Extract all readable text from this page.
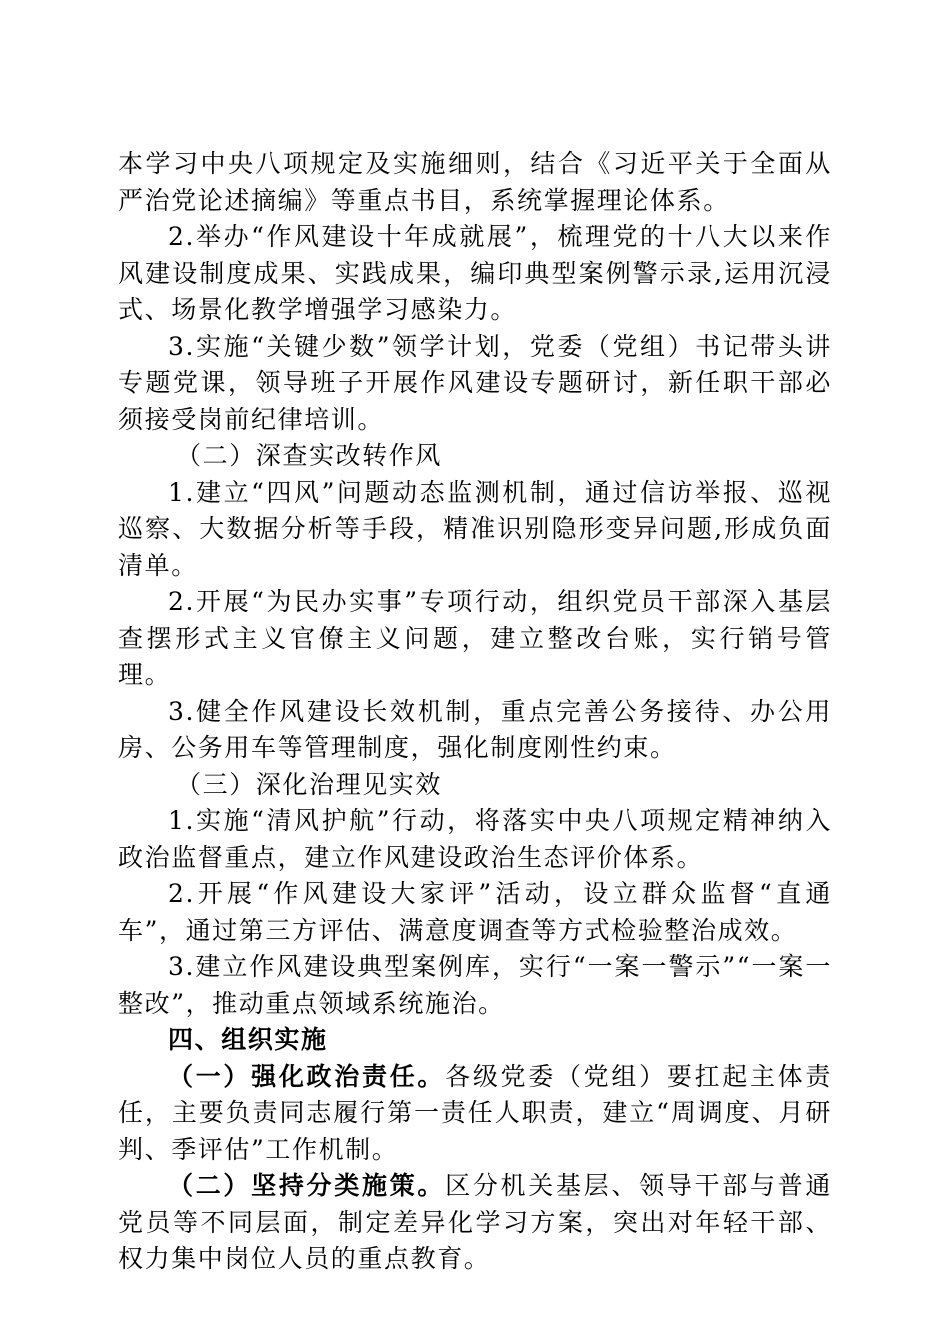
本学习中央八项规定及实施细则，结合《习近平关于全面从严治党论述摘编》等重点书目，系统掌握理论体系。

2.举办“作风建设十年成就展”，梳理党的十八大以来作风建设制度成果、实践成果，编印典型案例警示录,运用沉浸式、场景化教学增强学习感染力。

3.实施“关键少数”领学计划，党委（党组）书记带头讲专题党课，领导班子开展作风建设专题研讨，新任职干部必须接受岗前纪律培训。

（二）深查实改转作风

1.建立“四风”问题动态监测机制，通过信访举报、巡视巡察、大数据分析等手段，精准识别隐形变异问题,形成负面清单。

2.开展“为民办实事”专项行动，组织党员干部深入基层查摆形式主义官僚主义问题，建立整改台账，实行销号管理。

3.健全作风建设长效机制，重点完善公务接待、办公用房、公务用车等管理制度，强化制度刚性约束。

（三）深化治理见实效

1.实施“清风护航”行动，将落实中央八项规定精神纳入政治监督重点，建立作风建设政治生态评价体系。

2.开展“作风建设大家评”活动，设立群众监督“直通车”，通过第三方评估、满意度调查等方式检验整治成效。

3.建立作风建设典型案例库，实行“一案一警示”“一案一整改”，推动重点领域系统施治。

四、组织实施

（一）强化政治责任。各级党委（党组）要扛起主体责任，主要负责同志履行第一责任人职责，建立“周调度、月研判、季评估”工作机制。

（二）坚持分类施策。区分机关基层、领导干部与普通党员等不同层面，制定差异化学习方案，突出对年轻干部、权力集中岗位人员的重点教育。
